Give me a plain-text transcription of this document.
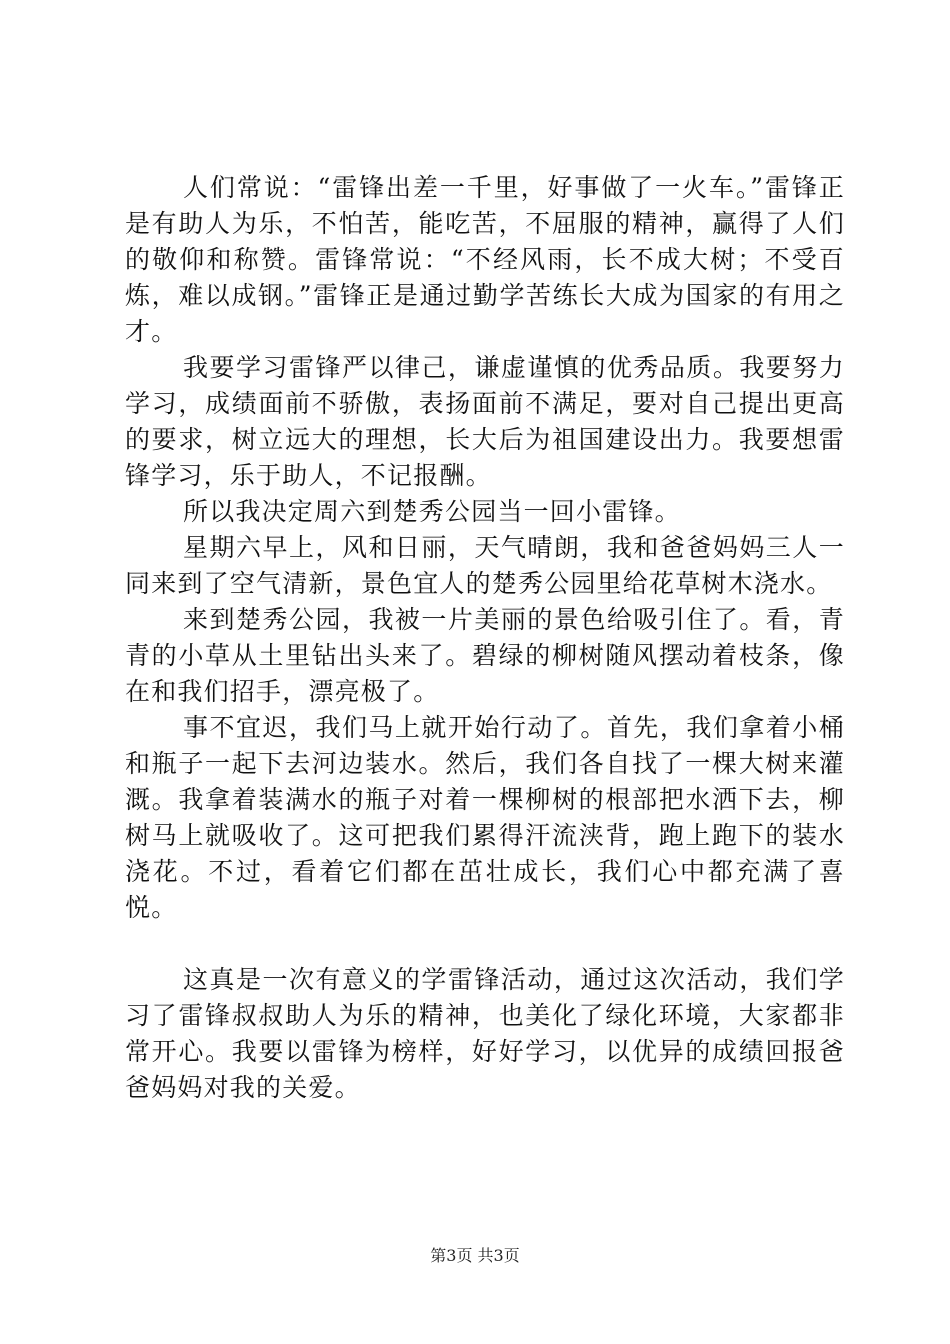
人们常说：“雷锋出差一千里，好事做了一火车。”雷锋正是有助人为乐，不怕苦，能吃苦，不屈服的精神，赢得了人们的敬仰和称赞。雷锋常说：“不经风雨，长不成大树；不受百炼，难以成钢。”雷锋正是通过勤学苦练长大成为国家的有用之才。

我要学习雷锋严以律己，谦虚谨慎的优秀品质。我要努力学习，成绩面前不骄傲，表扬面前不满足，要对自己提出更高的要求，树立远大的理想，长大后为祖国建设出力。我要想雷锋学习，乐于助人，不记报酬。

所以我决定周六到楚秀公园当一回小雷锋。

星期六早上，风和日丽，天气晴朗，我和爸爸妈妈三人一同来到了空气清新，景色宜人的楚秀公园里给花草树木浇水。

来到楚秀公园，我被一片美丽的景色给吸引住了。看，青青的小草从土里钻出头来了。碧绿的柳树随风摆动着枝条，像在和我们招手，漂亮极了。

事不宜迟，我们马上就开始行动了。首先，我们拿着小桶和瓶子一起下去河边装水。然后，我们各自找了一棵大树来灌溉。我拿着装满水的瓶子对着一棵柳树的根部把水洒下去，柳树马上就吸收了。这可把我们累得汗流浃背，跑上跑下的装水浇花。不过，看着它们都在茁壮成长，我们心中都充满了喜悦。

这真是一次有意义的学雷锋活动，通过这次活动，我们学习了雷锋叔叔助人为乐的精神，也美化了绿化环境，大家都非常开心。我要以雷锋为榜样，好好学习，以优异的成绩回报爸爸妈妈对我的关爱。

第3页 共3页
